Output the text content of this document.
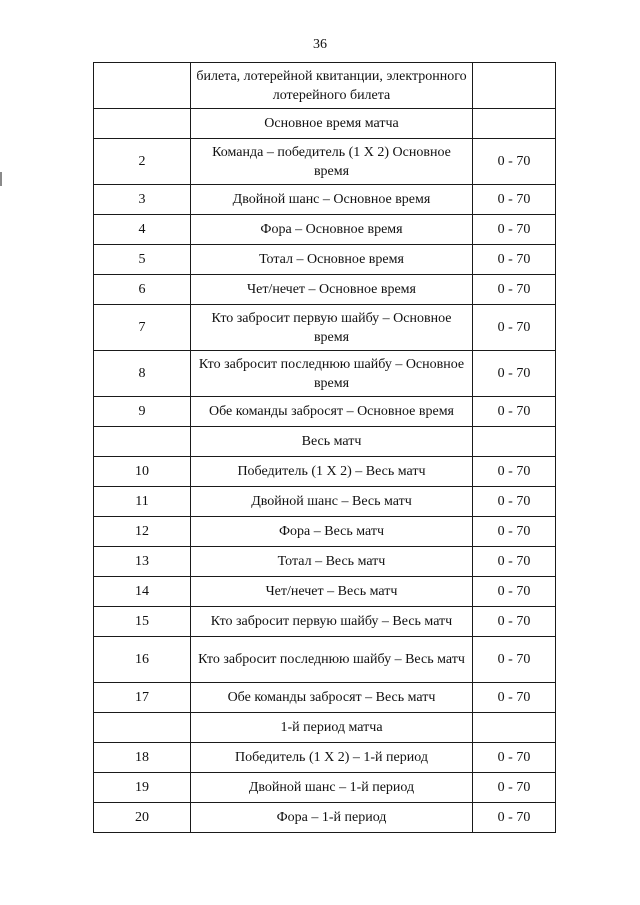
36
	билета, лотерейной квитанции, электронного лотерейного билета	
	Основное время матча	
2	Команда – победитель (1 Х 2) Основное время	0 - 70
3	Двойной шанс – Основное время	0 - 70
4	Фора – Основное время	0 - 70
5	Тотал – Основное время	0 - 70
6	Чет/нечет – Основное время	0 - 70
7	Кто забросит первую шайбу – Основное время	0 - 70
8	Кто забросит последнюю шайбу – Основное время	0 - 70
9	Обе команды забросят – Основное время	0 - 70
	Весь матч	
10	Победитель (1 Х 2) – Весь матч	0 - 70
11	Двойной шанс – Весь матч	0 - 70
12	Фора – Весь матч	0 - 70
13	Тотал – Весь матч	0 - 70
14	Чет/нечет – Весь матч	0 - 70
15	Кто забросит первую шайбу – Весь матч	0 - 70
16	Кто забросит последнюю шайбу – Весь матч	0 - 70
17	Обе команды забросят – Весь матч	0 - 70
	1-й период матча	
18	Победитель (1 Х 2) – 1-й период	0 - 70
19	Двойной шанс – 1-й период	0 - 70
20	Фора – 1-й период	0 - 70
